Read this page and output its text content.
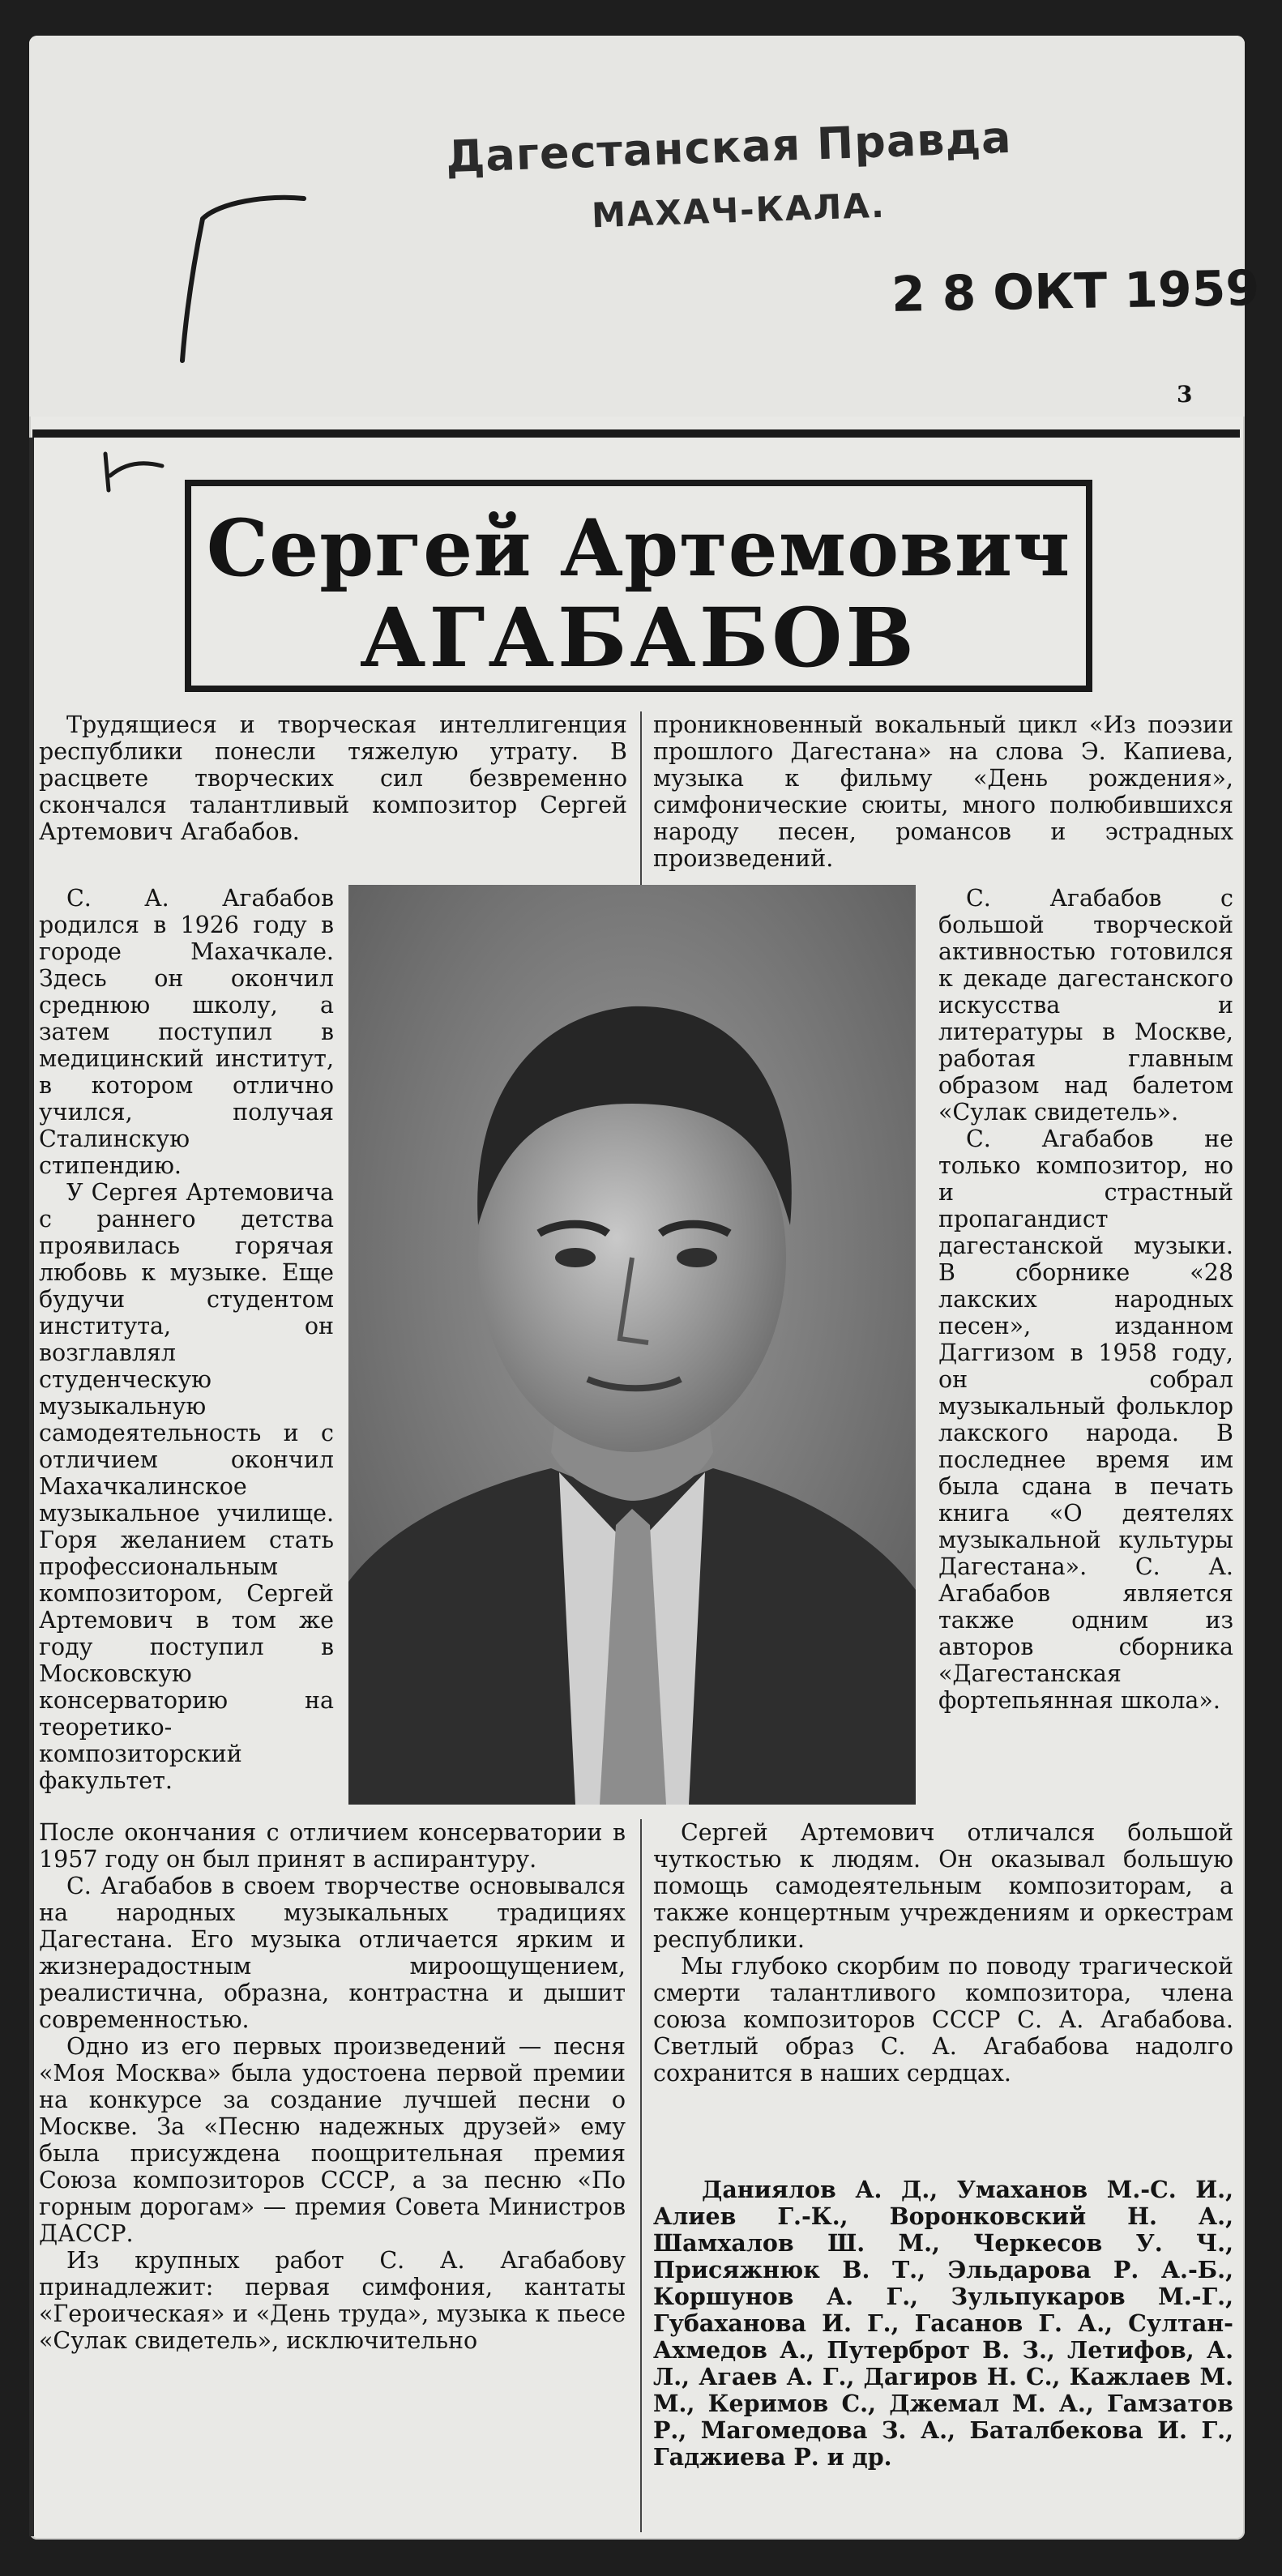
Дагестанская Правда
МАХАЧ-КАЛА.
2 8 ОКТ 1959
3
Сергей Артемович
АГАБАБОВ

Трудящиеся и творческая интеллигенция республики понесли тяжелую утрату. В расцвете творческих сил безвременно скончался талантливый композитор Сергей Артемович Агабабов.

проникновенный вокальный цикл «Из поэзии прошлого Дагестана» на слова Э. Капиева, музыка к фильму «День рождения», симфонические сюиты, много полюбившихся народу песен, романсов и эстрадных произведений.

С. А. Агабабов родился в 1926 году в городе Махачкале. Здесь он окончил среднюю школу, а затем поступил в медицинский институт, в котором отлично учился, получая Сталинскую стипендию.

У Сергея Артемовича с раннего детства проявилась горячая любовь к музыке. Еще будучи студентом института, он возглавлял студенческую музыкальную самодеятельность и с отличием окончил Махачкалинское музыкальное училище. Горя желанием стать профессиональным композитором, Сергей Артемович в том же году поступил в Московскую консерваторию на теоретико-композиторский факультет.

С. Агабабов с большой творческой активностью готовился к декаде дагестанского искусства и литературы в Москве, работая главным образом над балетом «Сулак свидетель».

С. Агабабов не только композитор, но и страстный пропагандист дагестанской музыки. В сборнике «28 лакских народных песен», изданном Даггизом в 1958 году, он собрал музыкальный фольклор лакского народа. В последнее время им была сдана в печать книга «О деятелях музыкальной культуры Дагестана». С. А. Агабабов является также одним из авторов сборника «Дагестанская фортепьянная школа».

После окончания с отличием консерватории в 1957 году он был принят в аспирантуру.

С. Агабабов в своем творчестве основывался на народных музыкальных традициях Дагестана. Его музыка отличается ярким и жизнерадостным мироощущением, реалистична, образна, контрастна и дышит современностью.

Одно из его первых произведений — песня «Моя Москва» была удостоена первой премии на конкурсе за создание лучшей песни о Москве. За «Песню надежных друзей» ему была присуждена поощрительная премия Союза композиторов СССР, а за песню «По горным дорогам» — премия Совета Министров ДАССР.

Из крупных работ С. А. Агабабову принадлежит: первая симфония, кантаты «Героическая» и «День труда», музыка к пьесе «Сулак свидетель», исключительно

Сергей Артемович отличался большой чуткостью к людям. Он оказывал большую помощь самодеятельным композиторам, а также концертным учреждениям и оркестрам республики.

Мы глубоко скорбим по поводу трагической смерти талантливого композитора, члена союза композиторов СССР С. А. Агабабова. Светлый образ С. А. Агабабова надолго сохранится в наших сердцах.

Даниялов А. Д., Умаханов М.-С. И., Алиев Г.-К., Воронковский Н. А., Шамхалов Ш. М., Черкесов У. Ч., Присяжнюк В. Т., Эльдарова Р. А.-Б., Коршунов А. Г., Зульпукаров М.-Г., Губаханова И. Г., Гасанов Г. А., Султан-Ахмедов А., Путерброт В. З., Летифов, А. Л., Агаев А. Г., Дагиров Н. С., Кажлаев М. М., Керимов С., Джемал М. А., Гамзатов Р., Магомедова З. А., Баталбекова И. Г., Гаджиева Р. и др.
